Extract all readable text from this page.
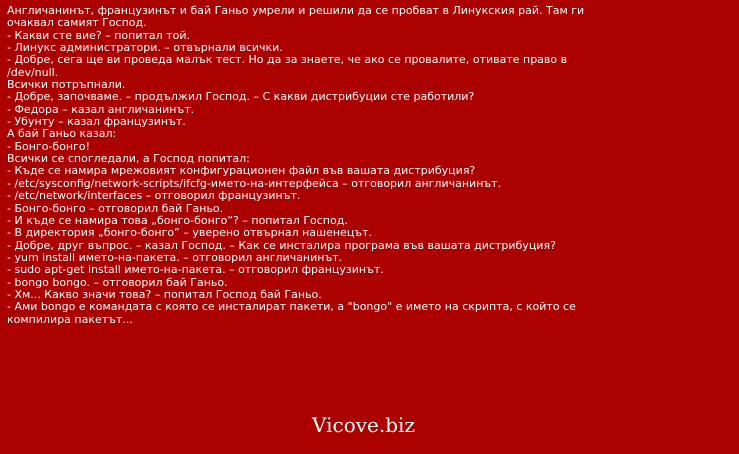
Англичанинът, французинът и бай Ганьо умрели и решили да се пробват в Линукския рай. Там ги очаквал самият Господ.

- Какви сте вие? – попитал той.

- Линукс администратори. – отвърнали всички.

- Добре, сега ще ви проведа малък тест. Но да за знаете, че ако се провалите, отивате право в /dev/null.

Всички потръпнали.

- Добре, започваме. – продължил Господ. – С какви дистрибуции сте работили?

- Федора – казал англичанинът.

- Убунту – казал французинът.

А бай Ганьо казал:

- Бонго-бонго!

Всички се спогледали, а Господ попитал:

- Къде се намира мрежовият конфигурационен файл във вашата дистрибуция?

- /etc/sysconfig/network-scripts/ifcfg-името-на-интерфейса – отговорил англичанинът.

- /etc/network/interfaces – отговорил французинът.

- Бонго-бонго – отговорил бай Ганьо.

- И къде се намира това „бонго-бонго”? – попитал Господ.

- В директория „бонго-бонго” – уверено отвърнал нашенецът.

- Добре, друг въпрос. – казал Господ. – Как се инсталира програма във вашата дистрибуция?

- yum install името-на-пакета. – отговорил англичанинът.

- sudo apt-get install името-на-пакета. – отговорил французинът.

- bongo bongo. – отговорил бай Ганьо.

- Хм... Какво значи това? – попитал Господ бай Ганьо.

- Ами bongo е командата с която се инсталират пакети, а "bongo" е името на скрипта, с който се компилира пакетът...

Vicove.biz
